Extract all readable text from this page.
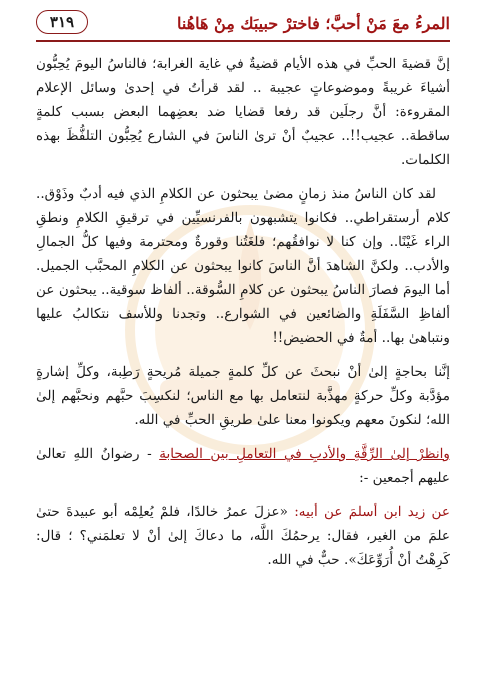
المرءُ معَ مَنْ أحبَّ؛ فاخترْ حبيبَك مِنْ هَاهُنا
٣١٩

إنَّ قضيةَ الحبِّ في هذه الأيام قضيةٌ في غاية الغرابة؛ فالناسُ اليومَ يُحِبُّون أشياءَ غريبةً وموضوعاتٍ عجيبة .. لقد قرأتُ في إحدىٰ وسائل الإعلام المقروءة: أنَّ رجلَين قد رفعا قضايا ضد بعضِهما البعض بسبب كلمةٍ ساقطة.. عجيب!!.. عجيبٌ أنْ ترىٰ الناسَ في الشارع يُحِبُّون التلفُّظَ بهذه الكلمات.

لقد كان الناسُ منذ زمانٍ مضىٰ يبحثون عن الكلامِ الذي فيه أدبٌ وذَوْق.. كلام أرستقراطي.. فكانوا يتشبهون بالفرنسيِّين في ترقيقِ الكلامِ ونطقِ الراء غَيْنًا.. وإن كنا لا نوافقُهم؛ فلغَتُنا وقورةٌ ومحترمة وفيها كلُّ الجمالِ والأدب.. ولكنَّ الشاهدَ أنَّ الناسَ كانوا يبحثون عن الكلامِ المحبَّب الجميل. أما اليومَ فصارَ الناسُ يبحثون عن كلامِ السُّوقة.. ألفاظ سوقية.. يبحثون عن ألفاظِ السَّفَلَةِ والضائعين في الشوارع.. وتجدنا وللأسف نتكالبُ عليها ونتباهىٰ بها.. أمةٌ في الحضيض!!

إنَّنا بحاجةٍ إلىٰ أنْ نبحثَ عن كلِّ كلمةٍ جميلة مُريحةٍ رَطِبة، وكلِّ إشارةٍ مؤدَّبة وكلِّ حركةٍ مهذَّبة لنتعامل بها مع الناس؛ لنكسِبَ حبَّهم ونحبَّهم إلىٰ الله؛ لنكونَ معهم ويكونوا معنا علىٰ طريقِ الحبِّ في الله.

وانظرْ إلىٰ الرِّقَّةِ والأدبِ في التعاملِ بين الصحابة - رضوانُ اللهِ تعالىٰ عليهم أجمعين -:

عن زيد ابن أسلمَ عن أبيه: «عزلَ عمرُ خالدًا، فلمْ يُعلِمْه أبو عبيدةَ حتىٰ علمَ من الغير، فقال: يرحمُكَ اللَّه، ما دعاكَ إلىٰ أنْ لا تعلمَني؟ ؛ قال: كَرِهْتُ أنْ أُرَوِّعَكَ». حبٌّ في الله.
